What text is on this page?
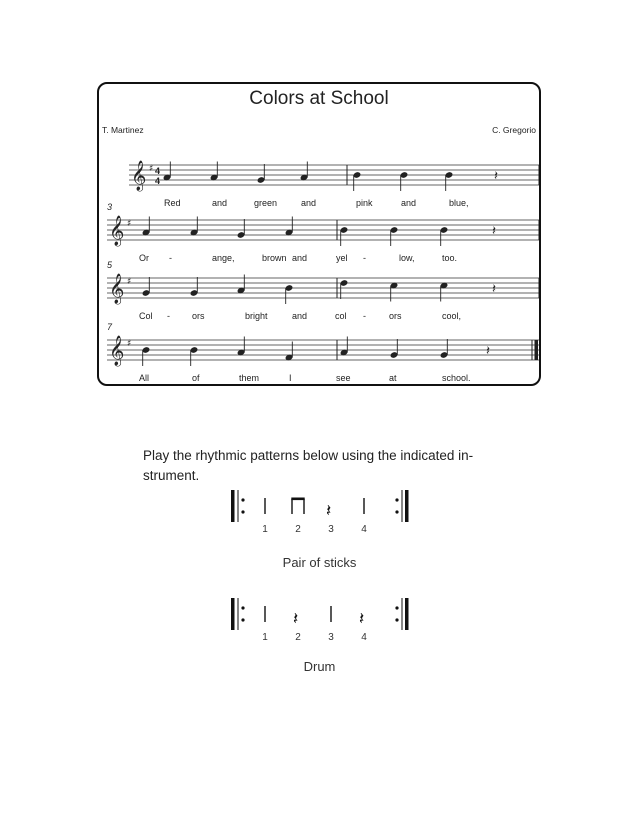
Colors at School
T. Martinez	C. Gregorio
𝄞 ♯ 4
4	𝄽
Red	and	green	and	pink	and	blue,
𝄞 ♯	𝄽
3
Or -	ange,	brown and	yel -	low,	too.
𝄞 ♯	𝄽
5
Col - ors	bright	and	col -	ors	cool,
𝄞 ♯	𝄽
7
All	of	them	I	see	at	school.
Play the rhythmic patterns below using the indicated in-
strument.
1	2
𝄽
3	4
Pair of sticks
1
𝄽
2	3
𝄽
4
Drum
